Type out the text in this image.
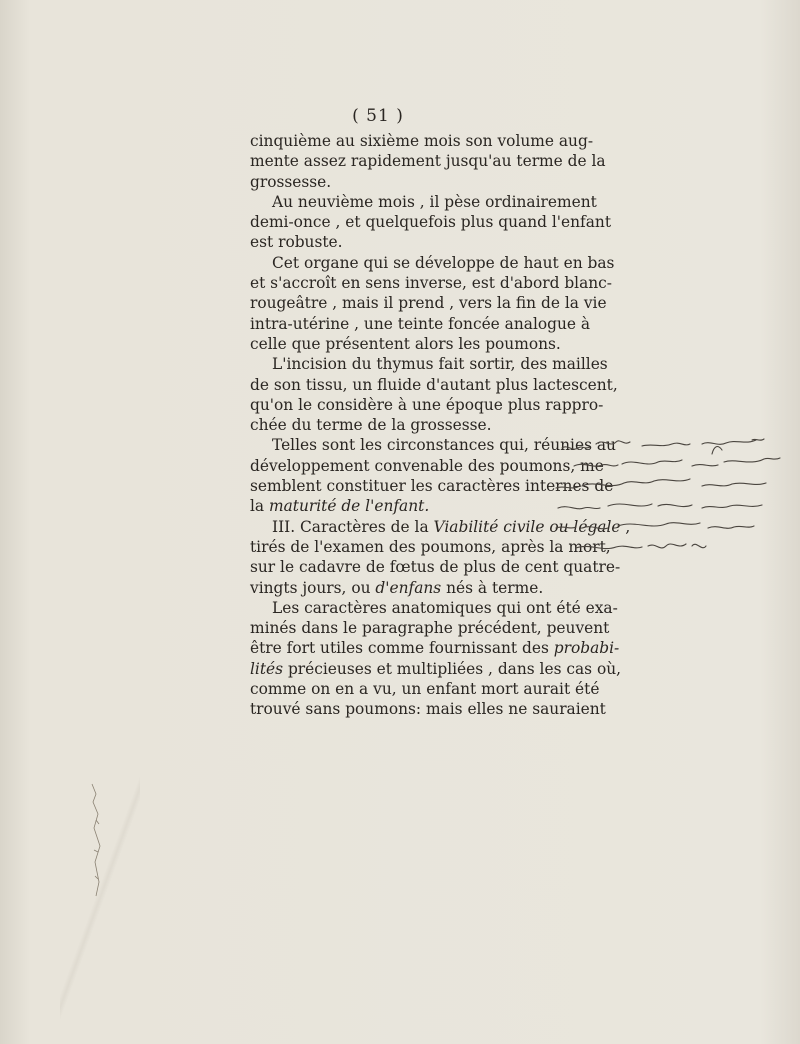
( 51 )

cinquième au sixième mois son volume aug-
mente assez rapidement jusqu'au terme de la
grossesse.

Au neuvième mois , il pèse ordinairement
demi-once , et quelquefois plus quand l'enfant
est robuste.

Cet organe qui se développe de haut en bas
et s'accroît en sens inverse, est d'abord blanc-
rougeâtre , mais il prend , vers la fin de la vie
intra-utérine , une teinte foncée analogue à
celle que présentent alors les poumons.

L'incision du thymus fait sortir, des mailles
de son tissu, un fluide d'autant plus lactescent,
qu'on le considère à une époque plus rappro-
chée du terme de la grossesse.

Telles sont les circonstances qui, réunies au
développement convenable des poumons, me
semblent constituer les caractères internes de
la maturité de l'enfant.

III. Caractères de la Viabilité civile ou légale ,
tirés de l'examen des poumons, après la mort,
sur le cadavre de fœtus de plus de cent quatre-
vingts jours, ou d'enfans nés à terme.

Les caractères anatomiques qui ont été exa-
minés dans le paragraphe précédent, peuvent
être fort utiles comme fournissant des probabi-
lités précieuses et multipliées , dans les cas où,
comme on en a vu, un enfant mort aurait été
trouvé sans poumons: mais elles ne sauraient
